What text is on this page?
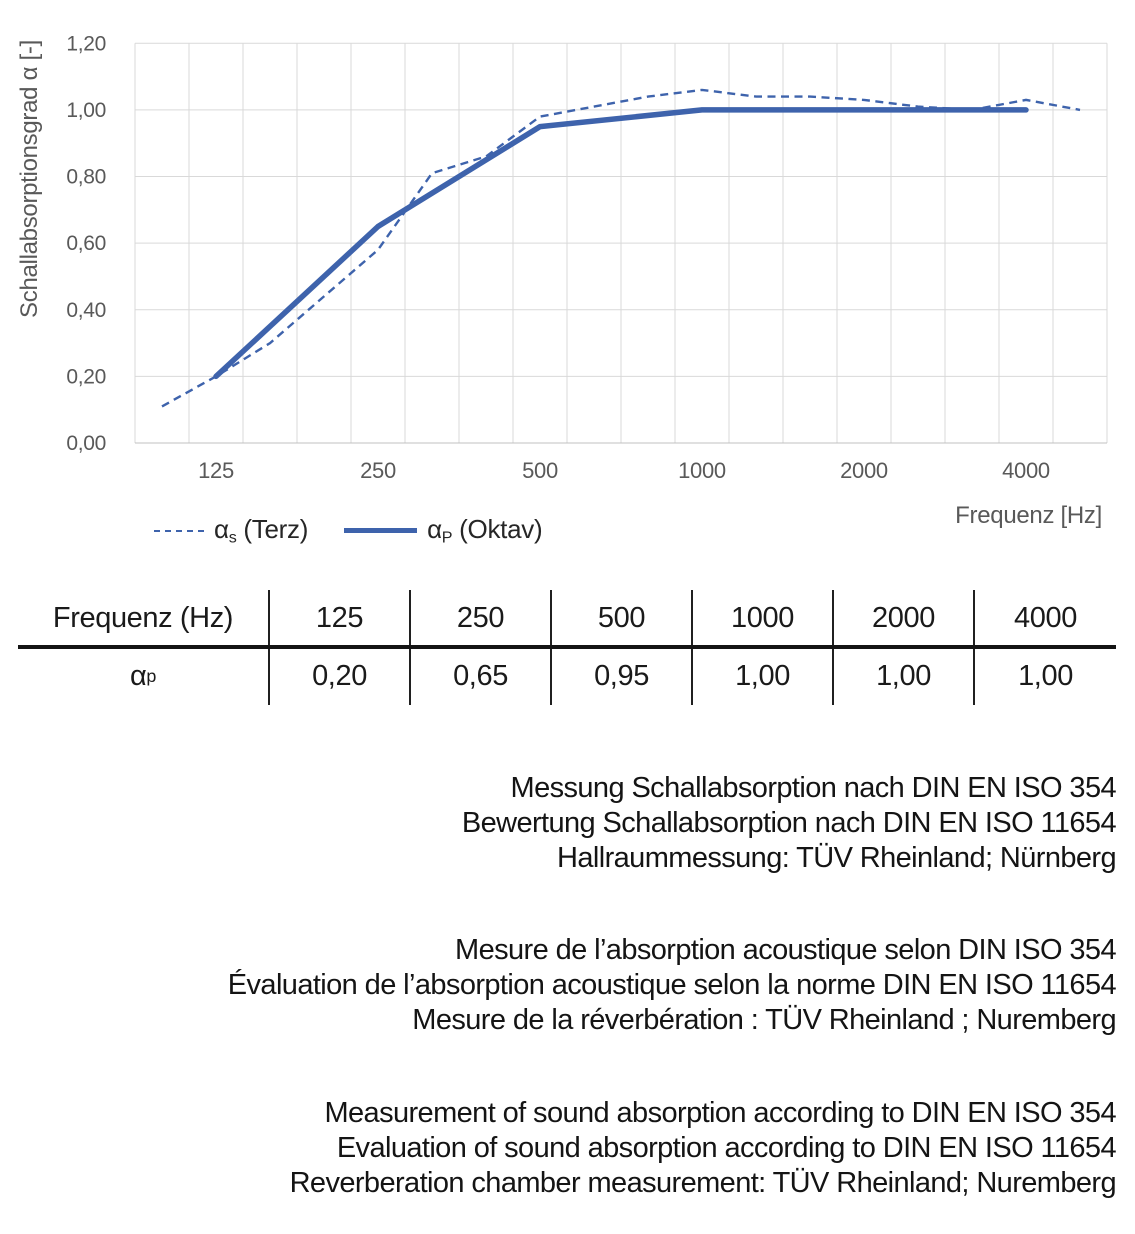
125	250	500	1000	2000	4000
0,00
0,20
0,40
0,60
0,80
1,00
1,20
Schallabsorptionsgrad α [-]
Frequenz [Hz]
$\alpha_s$ (Terz)	$\alpha_P$ (Oktav)
Frequenz (Hz)	125	250	500	1000	2000	4000
α p	0,20	0,65	0,95	1,00	1,00	1,00
Messung Schallabsorption nach DIN EN ISO 354
Bewertung Schallabsorption nach DIN EN ISO 11654
Hallraummessung: TÜV Rheinland; Nürnberg
Mesure de l’absorption acoustique selon DIN ISO 354
Évaluation de l’absorption acoustique selon la norme DIN EN ISO 11654
Mesure de la réverbération : TÜV Rheinland ; Nuremberg
Measurement of sound absorption according to DIN EN ISO 354
Evaluation of sound absorption according to DIN EN ISO 11654
Reverberation chamber measurement: TÜV Rheinland; Nuremberg
